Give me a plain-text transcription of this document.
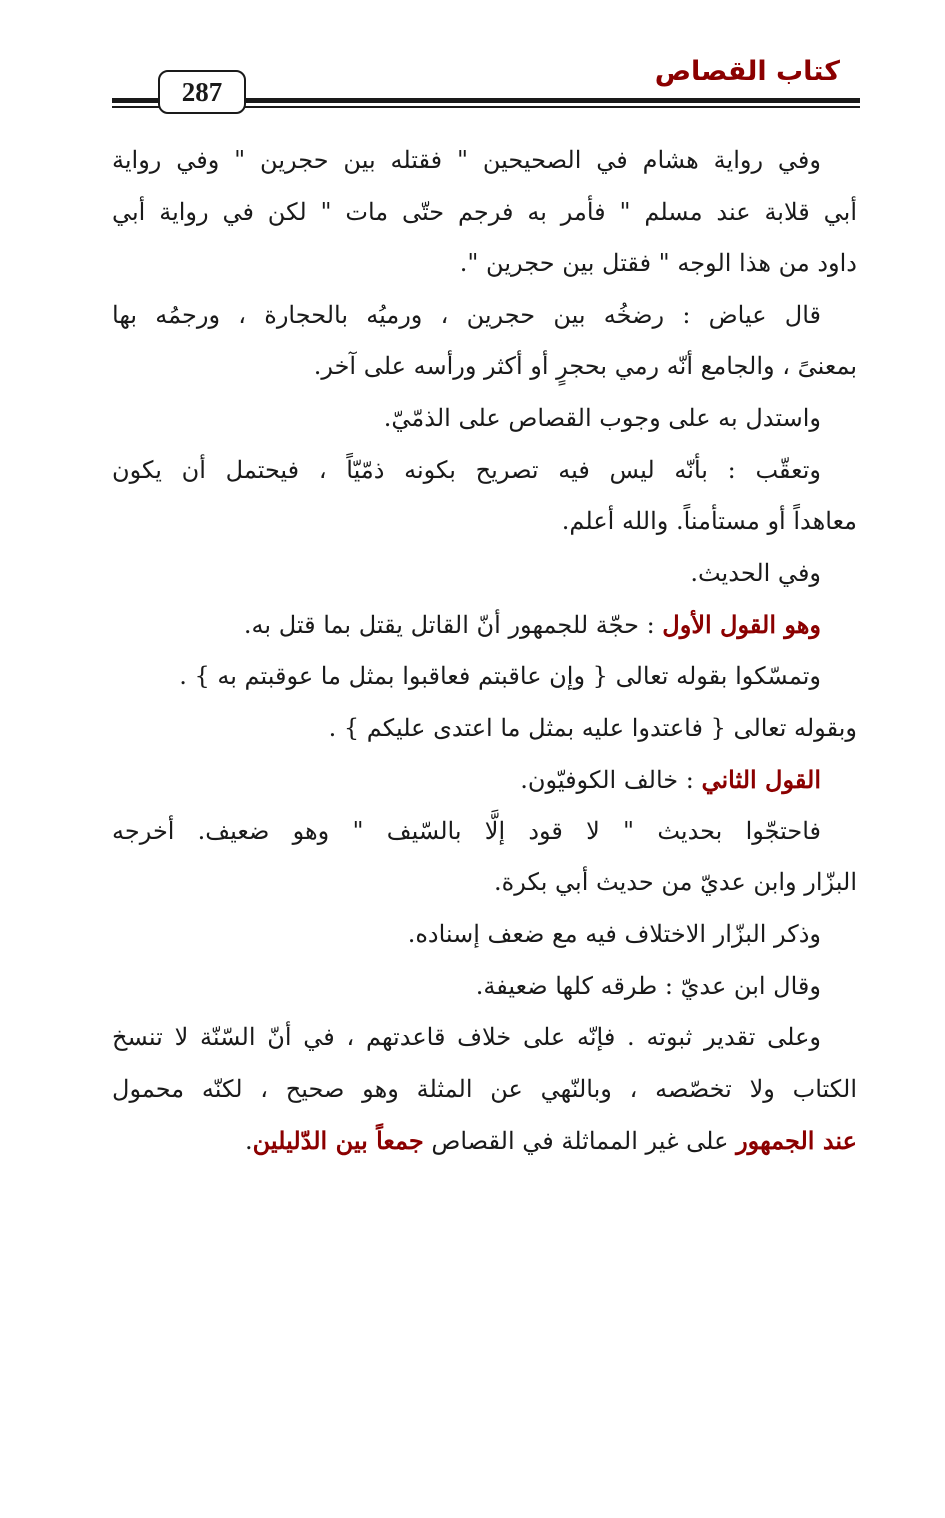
كتاب القصاص
287
وفي رواية هشام في الصحيحين " فقتله بين حجرين " وفي رواية
أبي قلابة عند مسلم " فأمر به فرجم حتّى مات " لكن في رواية أبي
داود من هذا الوجه " فقتل بين حجرين ".
قال عياض : رضخُه بين حجرين ، ورميُه بالحجارة ، ورجمُه بها
بمعنىً ، والجامع أنّه رمي بحجرٍ أو أكثر ورأسه على آخر.
واستدل به على وجوب القصاص على الذمّيّ.
وتعقّب : بأنّه ليس فيه تصريح بكونه ذمّيّاً ، فيحتمل أن يكون
معاهداً أو مستأمناً. والله أعلم.
وفي الحديث.
وهو القول الأول : حجّة للجمهور أنّ القاتل يقتل بما قتل به.
وتمسّكوا بقوله تعالى { وإن عاقبتم فعاقبوا بمثل ما عوقبتم به } .
وبقوله تعالى { فاعتدوا عليه بمثل ما اعتدى عليكم } .
القول الثاني : خالف الكوفيّون.
فاحتجّوا بحديث " لا قود إلَّا بالسّيف " وهو ضعيف. أخرجه
البزّار وابن عديّ من حديث أبي بكرة.
وذكر البزّار الاختلاف فيه مع ضعف إسناده.
وقال ابن عديّ : طرقه كلها ضعيفة.
وعلى تقدير ثبوته . فإنّه على خلاف قاعدتهم ، في أنّ السّنّة لا تنسخ
الكتاب ولا تخصّصه ، وبالنّهي عن المثلة وهو صحيح ، لكنّه محمول
عند الجمهور على غير المماثلة في القصاص جمعاً بين الدّليلين.
